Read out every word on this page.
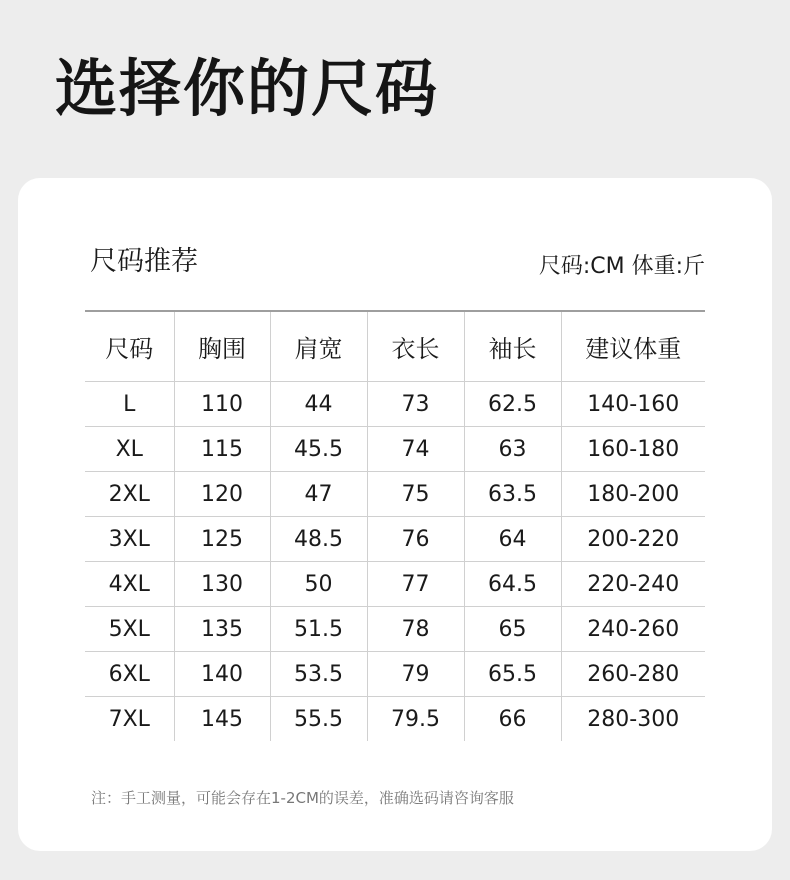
选择你的尺码
尺码推荐	尺码:CM 体重:斤
尺码	胸围	肩宽	衣长	袖长	建议体重
L	110	44	73	62.5	140-160
XL	115	45.5	74	63	160-180
2XL	120	47	75	63.5	180-200
3XL	125	48.5	76	64	200-220
4XL	130	50	77	64.5	220-240
5XL	135	51.5	78	65	240-260
6XL	140	53.5	79	65.5	260-280
7XL	145	55.5	79.5	66	280-300
注：手工测量，可能会存在1-2CM的误差，准确选码请咨询客服
